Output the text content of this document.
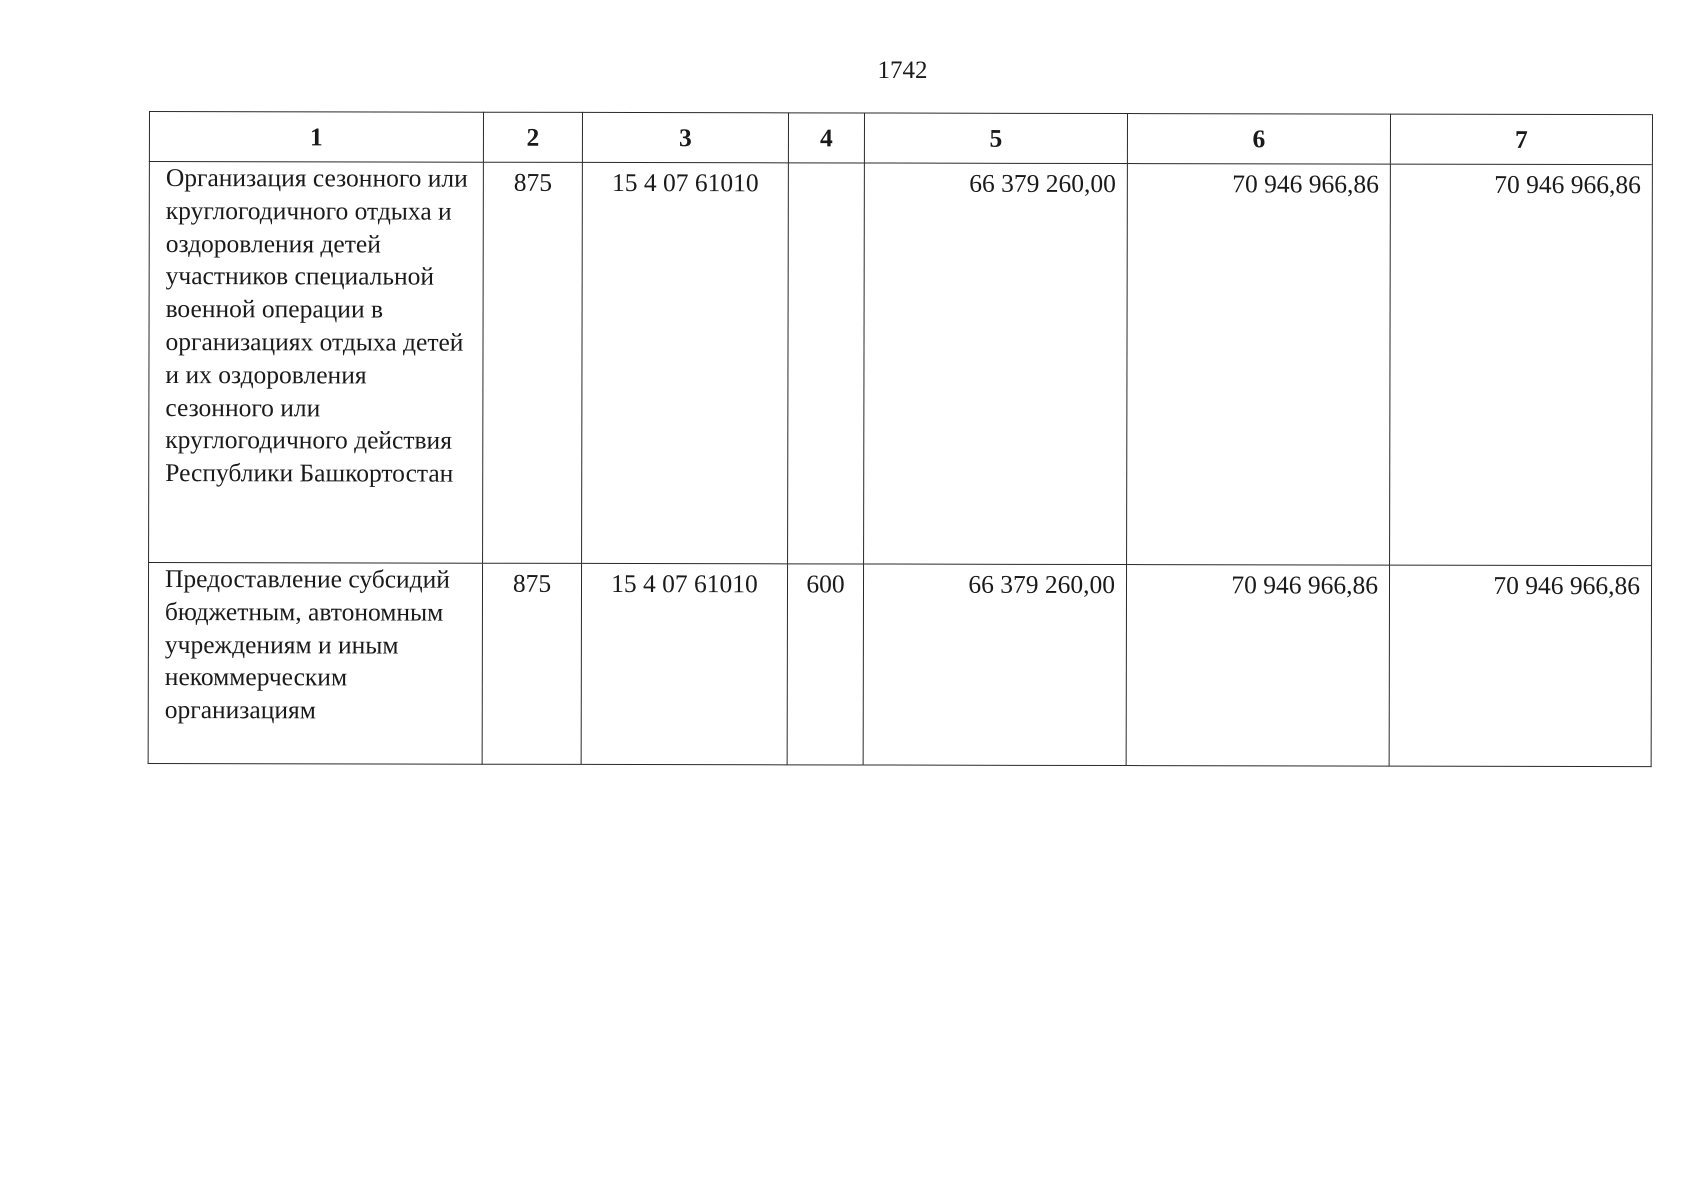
1742
1	2	3	4	5	6	7
Организация сезонного или круглогодичного отдыха и оздоровления детей участников специальной военной операции в организациях отдыха детей и их оздоровления сезонного или круглогодичного действия Республики Башкортостан	875	15 4 07 61010		66 379 260,00	70 946 966,86	70 946 966,86
Предоставление субсидий бюджетным, автономным учреждениям и иным некоммерческим организациям	875	15 4 07 61010	600	66 379 260,00	70 946 966,86	70 946 966,86
